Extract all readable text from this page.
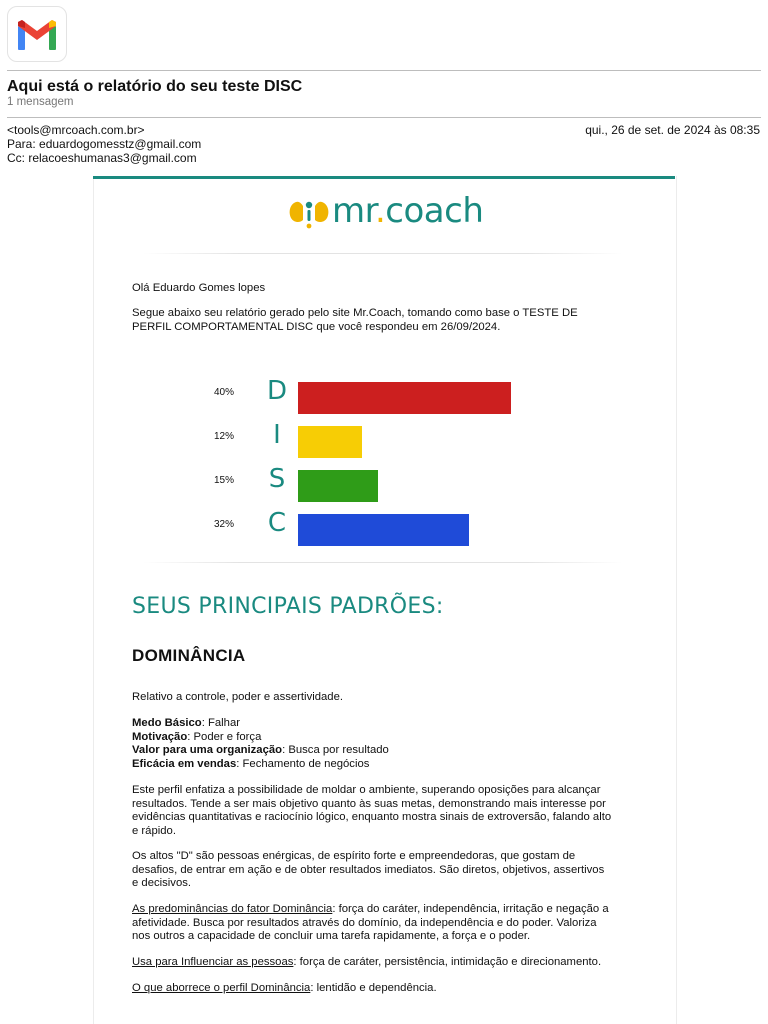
Aqui está o relatório do seu teste DISC
1 mensagem
<tools@mrcoach.com.br>	qui., 26 de set. de 2024 às 08:35
Para: eduardogomesstz@gmail.com
Cc: relacoeshumanas3@gmail.com
mr.coach
Olá Eduardo Gomes lopes
Segue abaixo seu relatório gerado pelo site Mr.Coach, tomando como base o TESTE DE PERFIL COMPORTAMENTAL DISC que você respondeu em 26/09/2024.
40% D
12%	I
15% S
32% C
SEUS PRINCIPAIS PADRÕES:
DOMINÂNCIA
Relativo a controle, poder e assertividade.
Medo Básico: Falhar
Motivação: Poder e força
Valor para uma organização: Busca por resultado
Eficácia em vendas: Fechamento de negócios
Este perfil enfatiza a possibilidade de moldar o ambiente, superando oposições para alcançar resultados. Tende a ser mais objetivo quanto às suas metas, demonstrando mais interesse por evidências quantitativas e raciocínio lógico, enquanto mostra sinais de extroversão, falando alto e rápido.
Os altos "D" são pessoas enérgicas, de espírito forte e empreendedoras, que gostam de desafios, de entrar em ação e de obter resultados imediatos. São diretos, objetivos, assertivos e decisivos.
As predominâncias do fator Dominância: força do caráter, independência, irritação e negação a afetividade. Busca por resultados através do domínio, da independência e do poder. Valoriza nos outros a capacidade de concluir uma tarefa rapidamente, a força e o poder.
Usa para Influenciar as pessoas: força de caráter, persistência, intimidação e direcionamento.
O que aborrece o perfil Dominância: lentidão e dependência.
